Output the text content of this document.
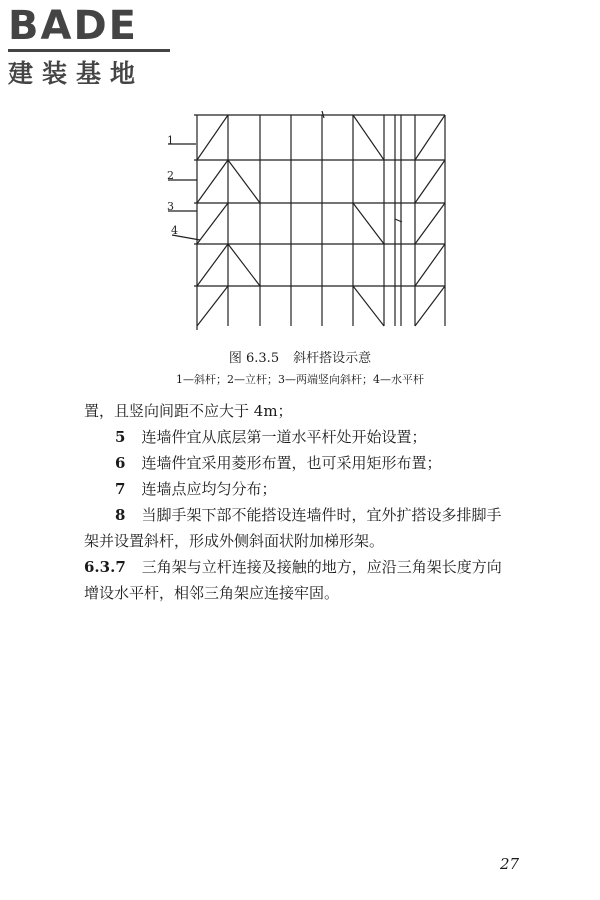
BADE
建装基地
1
2
3
4
图 6.3.5 斜杆搭设示意
1—斜杆；2—立杆；3—两端竖向斜杆；4—水平杆

置，且竖向间距不应大于 4m；

5 连墙件宜从底层第一道水平杆处开始设置；

6 连墙件宜采用菱形布置，也可采用矩形布置；

7 连墙点应均匀分布；

8 当脚手架下部不能搭设连墙件时，宜外扩搭设多排脚手

架并设置斜杆，形成外侧斜面状附加梯形架。

6.3.7 三角架与立杆连接及接触的地方，应沿三角架长度方向

增设水平杆，相邻三角架应连接牢固。

27
